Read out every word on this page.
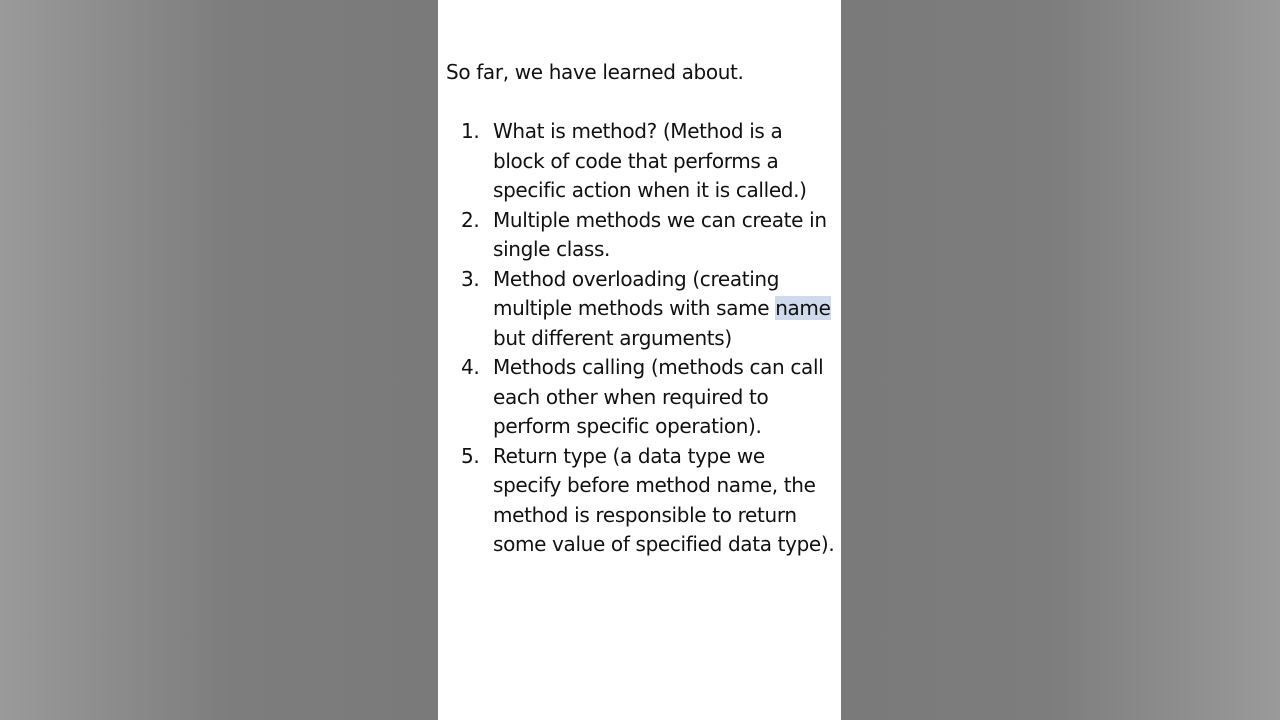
So far, we have learned about.

1. What is method? (Method is a block of code that performs a specific action when it is called.)
2. Multiple methods we can create in single class.
3. Method overloading (creating multiple methods with same name but different arguments)
4. Methods calling (methods can call each other when required to perform specific operation).
5. Return type (a data type we specify before method name, the method is responsible to return some value of specified data type).
